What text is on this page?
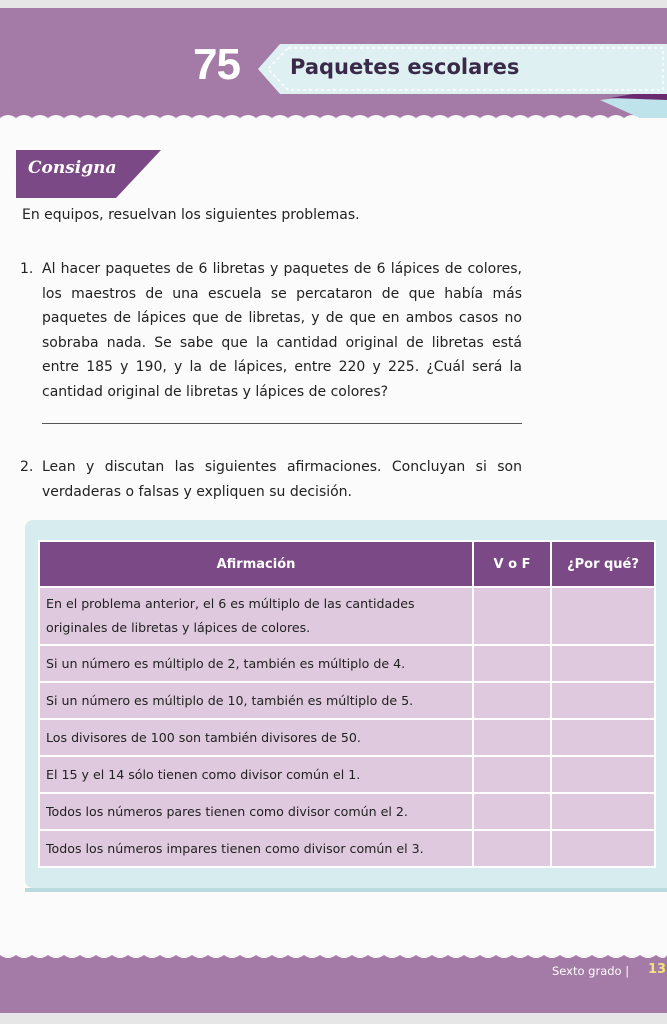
75 Paquetes escolares
Consigna
En equipos, resuelvan los siguientes problemas.
1. Al hacer paquetes de 6 libretas y paquetes de 6 lápices de colores, los maestros de una escuela se percataron de que había más paquetes de lápices que de libretas, y de que en ambos casos no sobraba nada. Se sabe que la cantidad original de libretas está entre 185 y 190, y la de lápices, entre 220 y 225. ¿Cuál será la cantidad original de libretas y lápices de colores?
2. Lean y discutan las siguientes afirmaciones. Concluyan si son verdaderas o falsas y expliquen su decisión.
Afirmación	V o F	¿Por qué?
En el problema anterior, el 6 es múltiplo de las cantidades originales de libretas y lápices de colores.		
Si un número es múltiplo de 2, también es múltiplo de 4.		
Si un número es múltiplo de 10, también es múltiplo de 5.		
Los divisores de 100 son también divisores de 50.		
El 15 y el 14 sólo tienen como divisor común el 1.		
Todos los números pares tienen como divisor común el 2.		
Todos los números impares tienen como divisor común el 3.		
Sexto grado | 13
